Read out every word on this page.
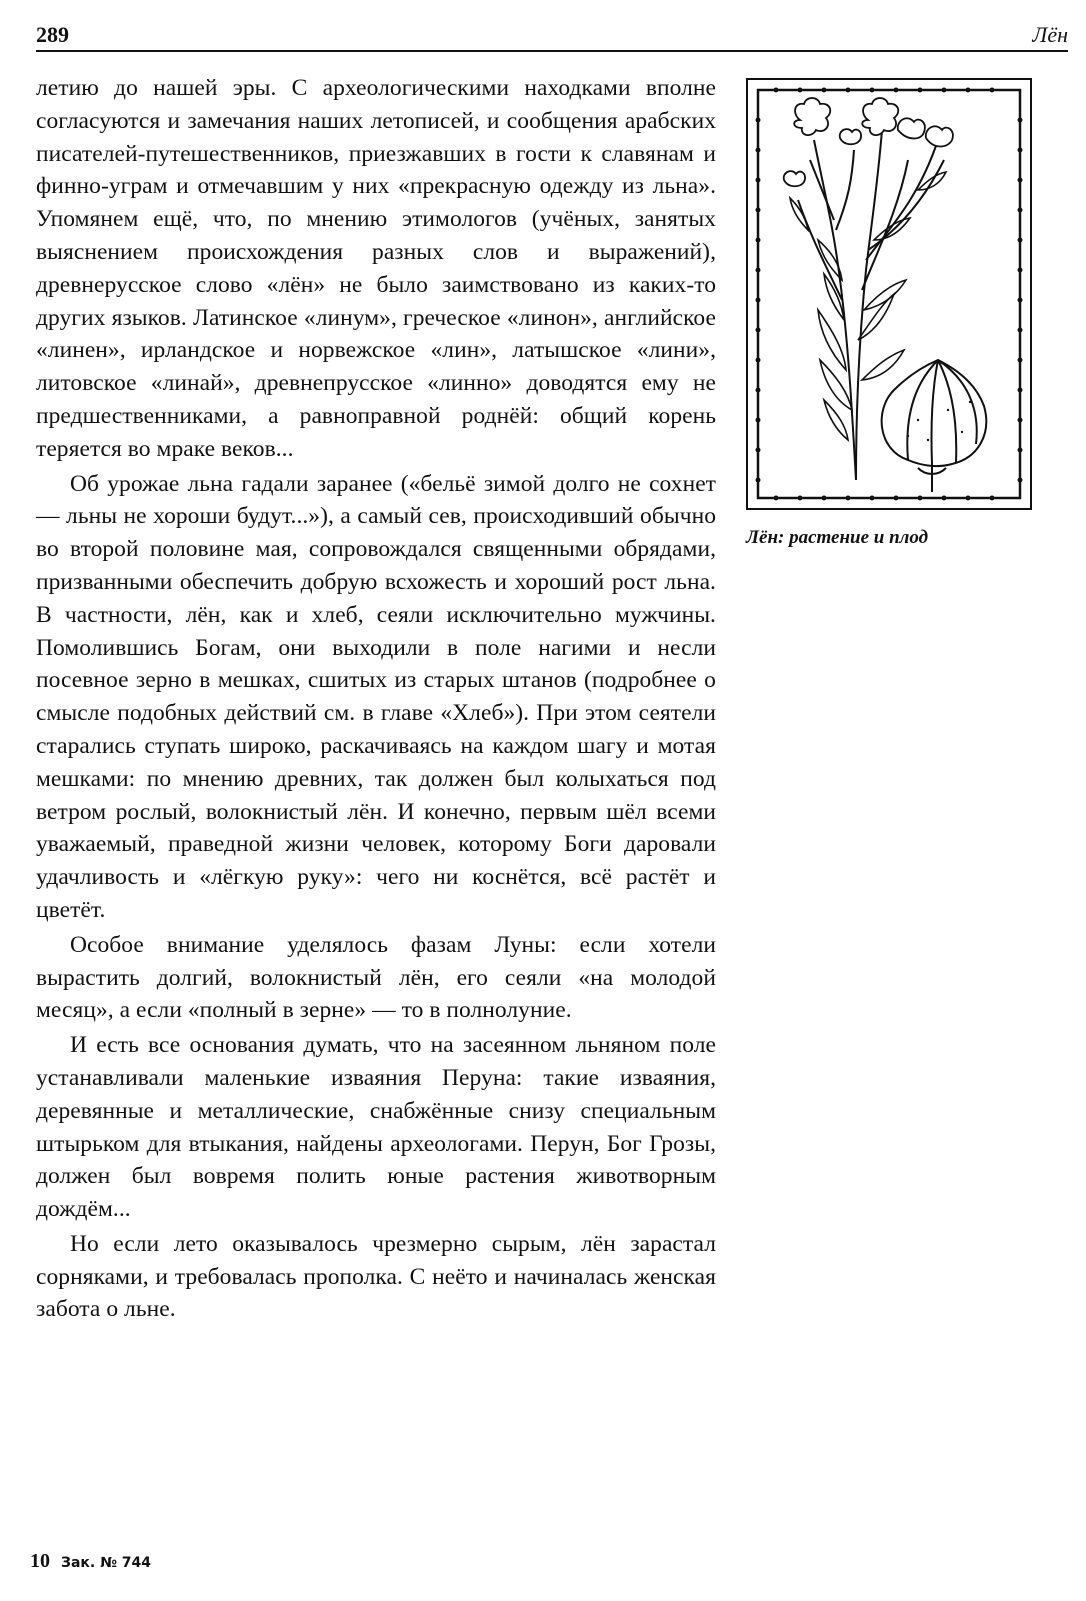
289	Лён

летию до нашей эры. С археологическими находками вполне согласуются и замечания наших летописей, и сообщения арабских писателей-путешественников, приезжавших в гости к славянам и финно-уграм и отмечавшим у них «прекрасную одежду из льна». Упомянем ещё, что, по мнению этимологов (учёных, занятых выяснением происхождения разных слов и выражений), древнерусское слово «лён» не было заимствовано из каких-то других языков. Латинское «линум», греческое «линон», английское «линен», ирландское и норвежское «лин», латышское «лини», литовское «линай», древнепрусское «линно» доводятся ему не предшественниками, а равноправной роднёй: общий корень теряется во мраке веков...

Об урожае льна гадали заранее («бельё зимой долго не сохнет — льны не хороши будут...»), а самый сев, происходивший обычно во второй половине мая, сопровождался священными обрядами, призванными обеспечить добрую всхожесть и хороший рост льна. В частности, лён, как и хлеб, сеяли исключительно мужчины. Помолившись Богам, они выходили в поле нагими и несли посевное зерно в мешках, сшитых из старых штанов (подробнее о смысле подобных действий см. в главе «Хлеб»). При этом сеятели старались ступать широко, раскачиваясь на каждом шагу и мотая мешками: по мнению древних, так должен был колыхаться под ветром рослый, волокнистый лён. И конечно, первым шёл всеми уважаемый, праведной жизни человек, которому Боги даровали удачливость и «лёгкую руку»: чего ни коснётся, всё растёт и цветёт.

Особое внимание уделялось фазам Луны: если хотели вырастить долгий, волокнистый лён, его сеяли «на молодой месяц», а если «полный в зерне» — то в полнолуние.

И есть все основания думать, что на засеянном льняном поле устанавливали маленькие изваяния Перуна: такие изваяния, деревянные и металлические, снабжённые снизу специальным штырьком для втыкания, найдены археологами. Перун, Бог Грозы, должен был вовремя полить юные растения животворным дождём...

Но если лето оказывалось чрезмерно сырым, лён зарастал сорняками, и требовалась прополка. С неёто и начиналась женская забота о льне.

Лён: растение и плод
10 Зак. № 744
